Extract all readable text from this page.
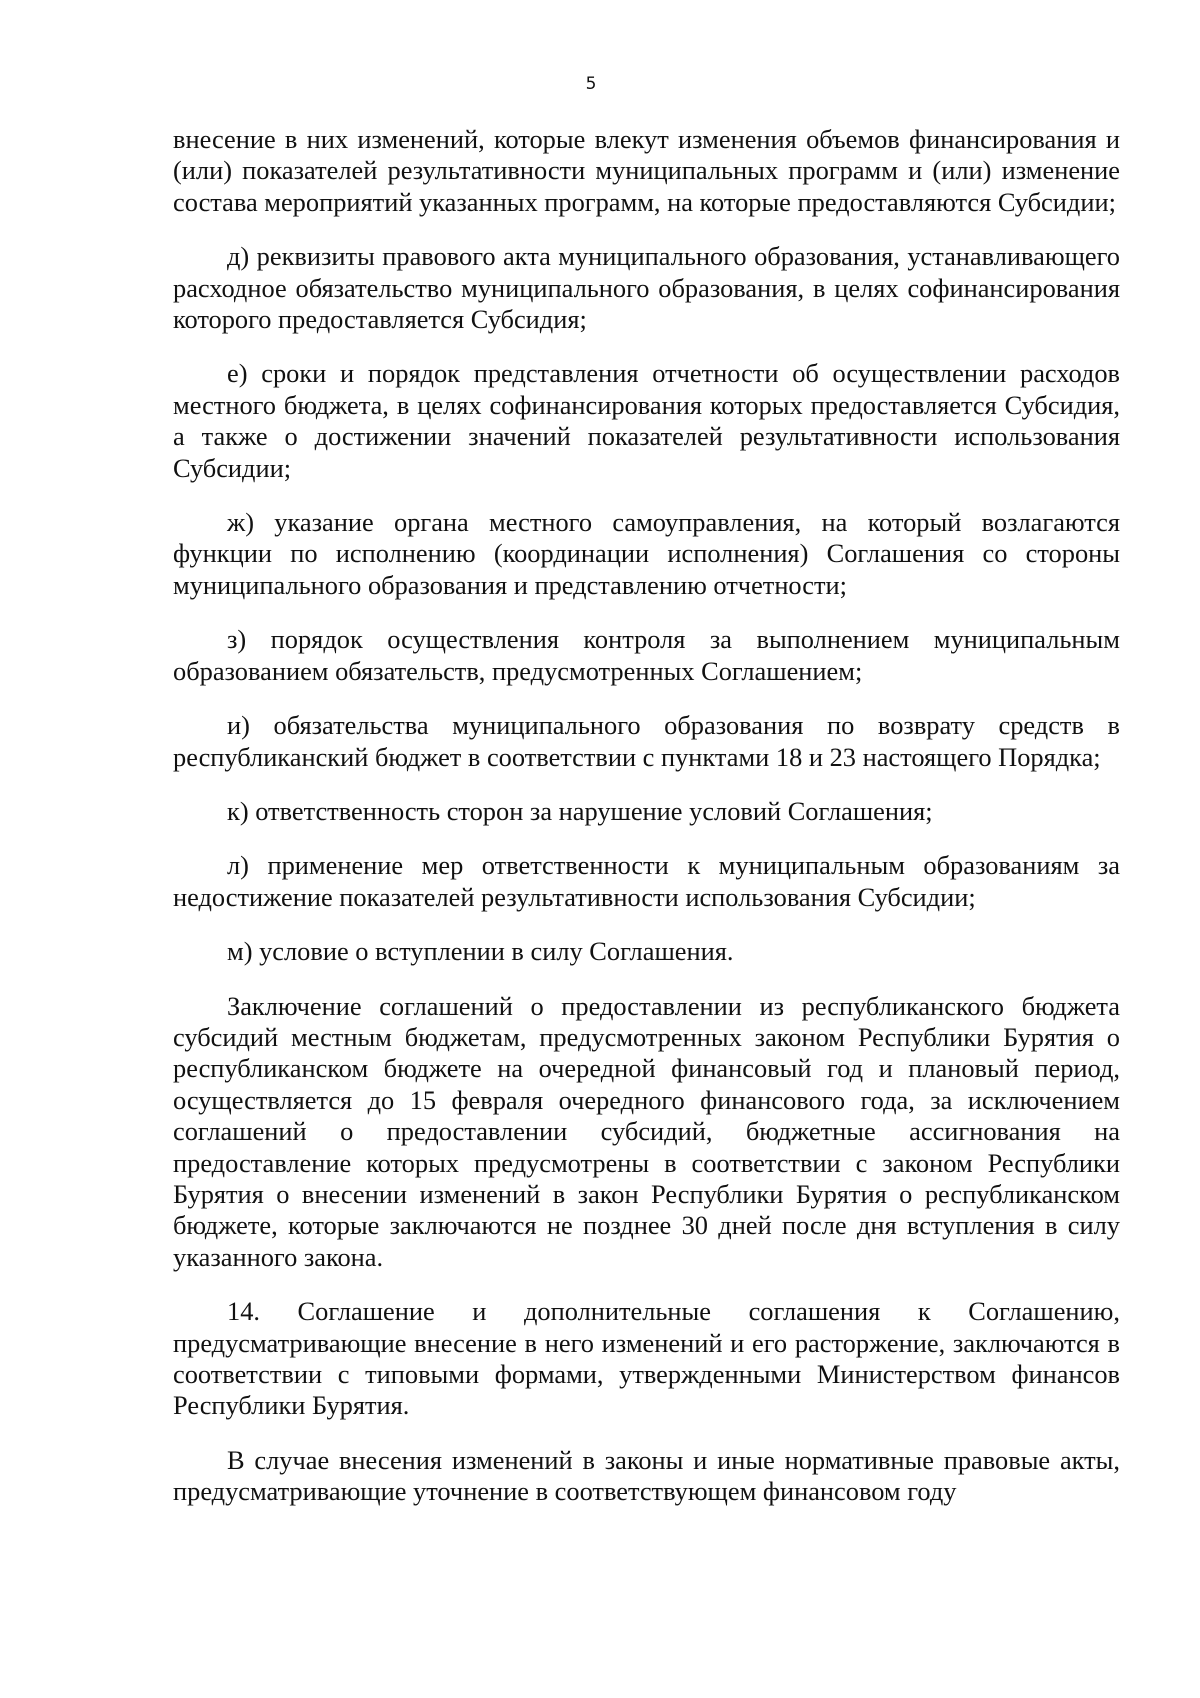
5

внесение в них изменений, которые влекут изменения объемов финансирования и (или) показателей результативности муниципальных программ и (или) изменение состава мероприятий указанных программ, на которые предоставляются Субсидии;

д) реквизиты правового акта муниципального образования, устанавливающего расходное обязательство муниципального образования, в целях софинансирования которого предоставляется Субсидия;

е) сроки и порядок представления отчетности об осуществлении расходов местного бюджета, в целях софинансирования которых предоставляется Субсидия, а также о достижении значений показателей результативности использования Субсидии;

ж) указание органа местного самоуправления, на который возлагаются функции по исполнению (координации исполнения) Соглашения со стороны муниципального образования и представлению отчетности;

з) порядок осуществления контроля за выполнением муниципальным образованием обязательств, предусмотренных Соглашением;

и) обязательства муниципального образования по возврату средств в республиканский бюджет в соответствии с пунктами 18 и 23 настоящего Порядка;

к) ответственность сторон за нарушение условий Соглашения;

л) применение мер ответственности к муниципальным образованиям за недостижение показателей результативности использования Субсидии;

м) условие о вступлении в силу Соглашения.

Заключение соглашений о предоставлении из республиканского бюджета субсидий местным бюджетам, предусмотренных законом Республики Бурятия о республиканском бюджете на очередной финансовый год и плановый период, осуществляется до 15 февраля очередного финансового года, за исключением соглашений о предоставлении субсидий, бюджетные ассигнования на предоставление которых предусмотрены в соответствии с законом Республики Бурятия о внесении изменений в закон Республики Бурятия о республиканском бюджете, которые заключаются не позднее 30 дней после дня вступления в силу указанного закона.

14. Соглашение и дополнительные соглашения к Соглашению, предусматривающие внесение в него изменений и его расторжение, заключаются в соответствии с типовыми формами, утвержденными Министерством финансов Республики Бурятия.

В случае внесения изменений в законы и иные нормативные правовые акты, предусматривающие уточнение в соответствующем финансовом году
